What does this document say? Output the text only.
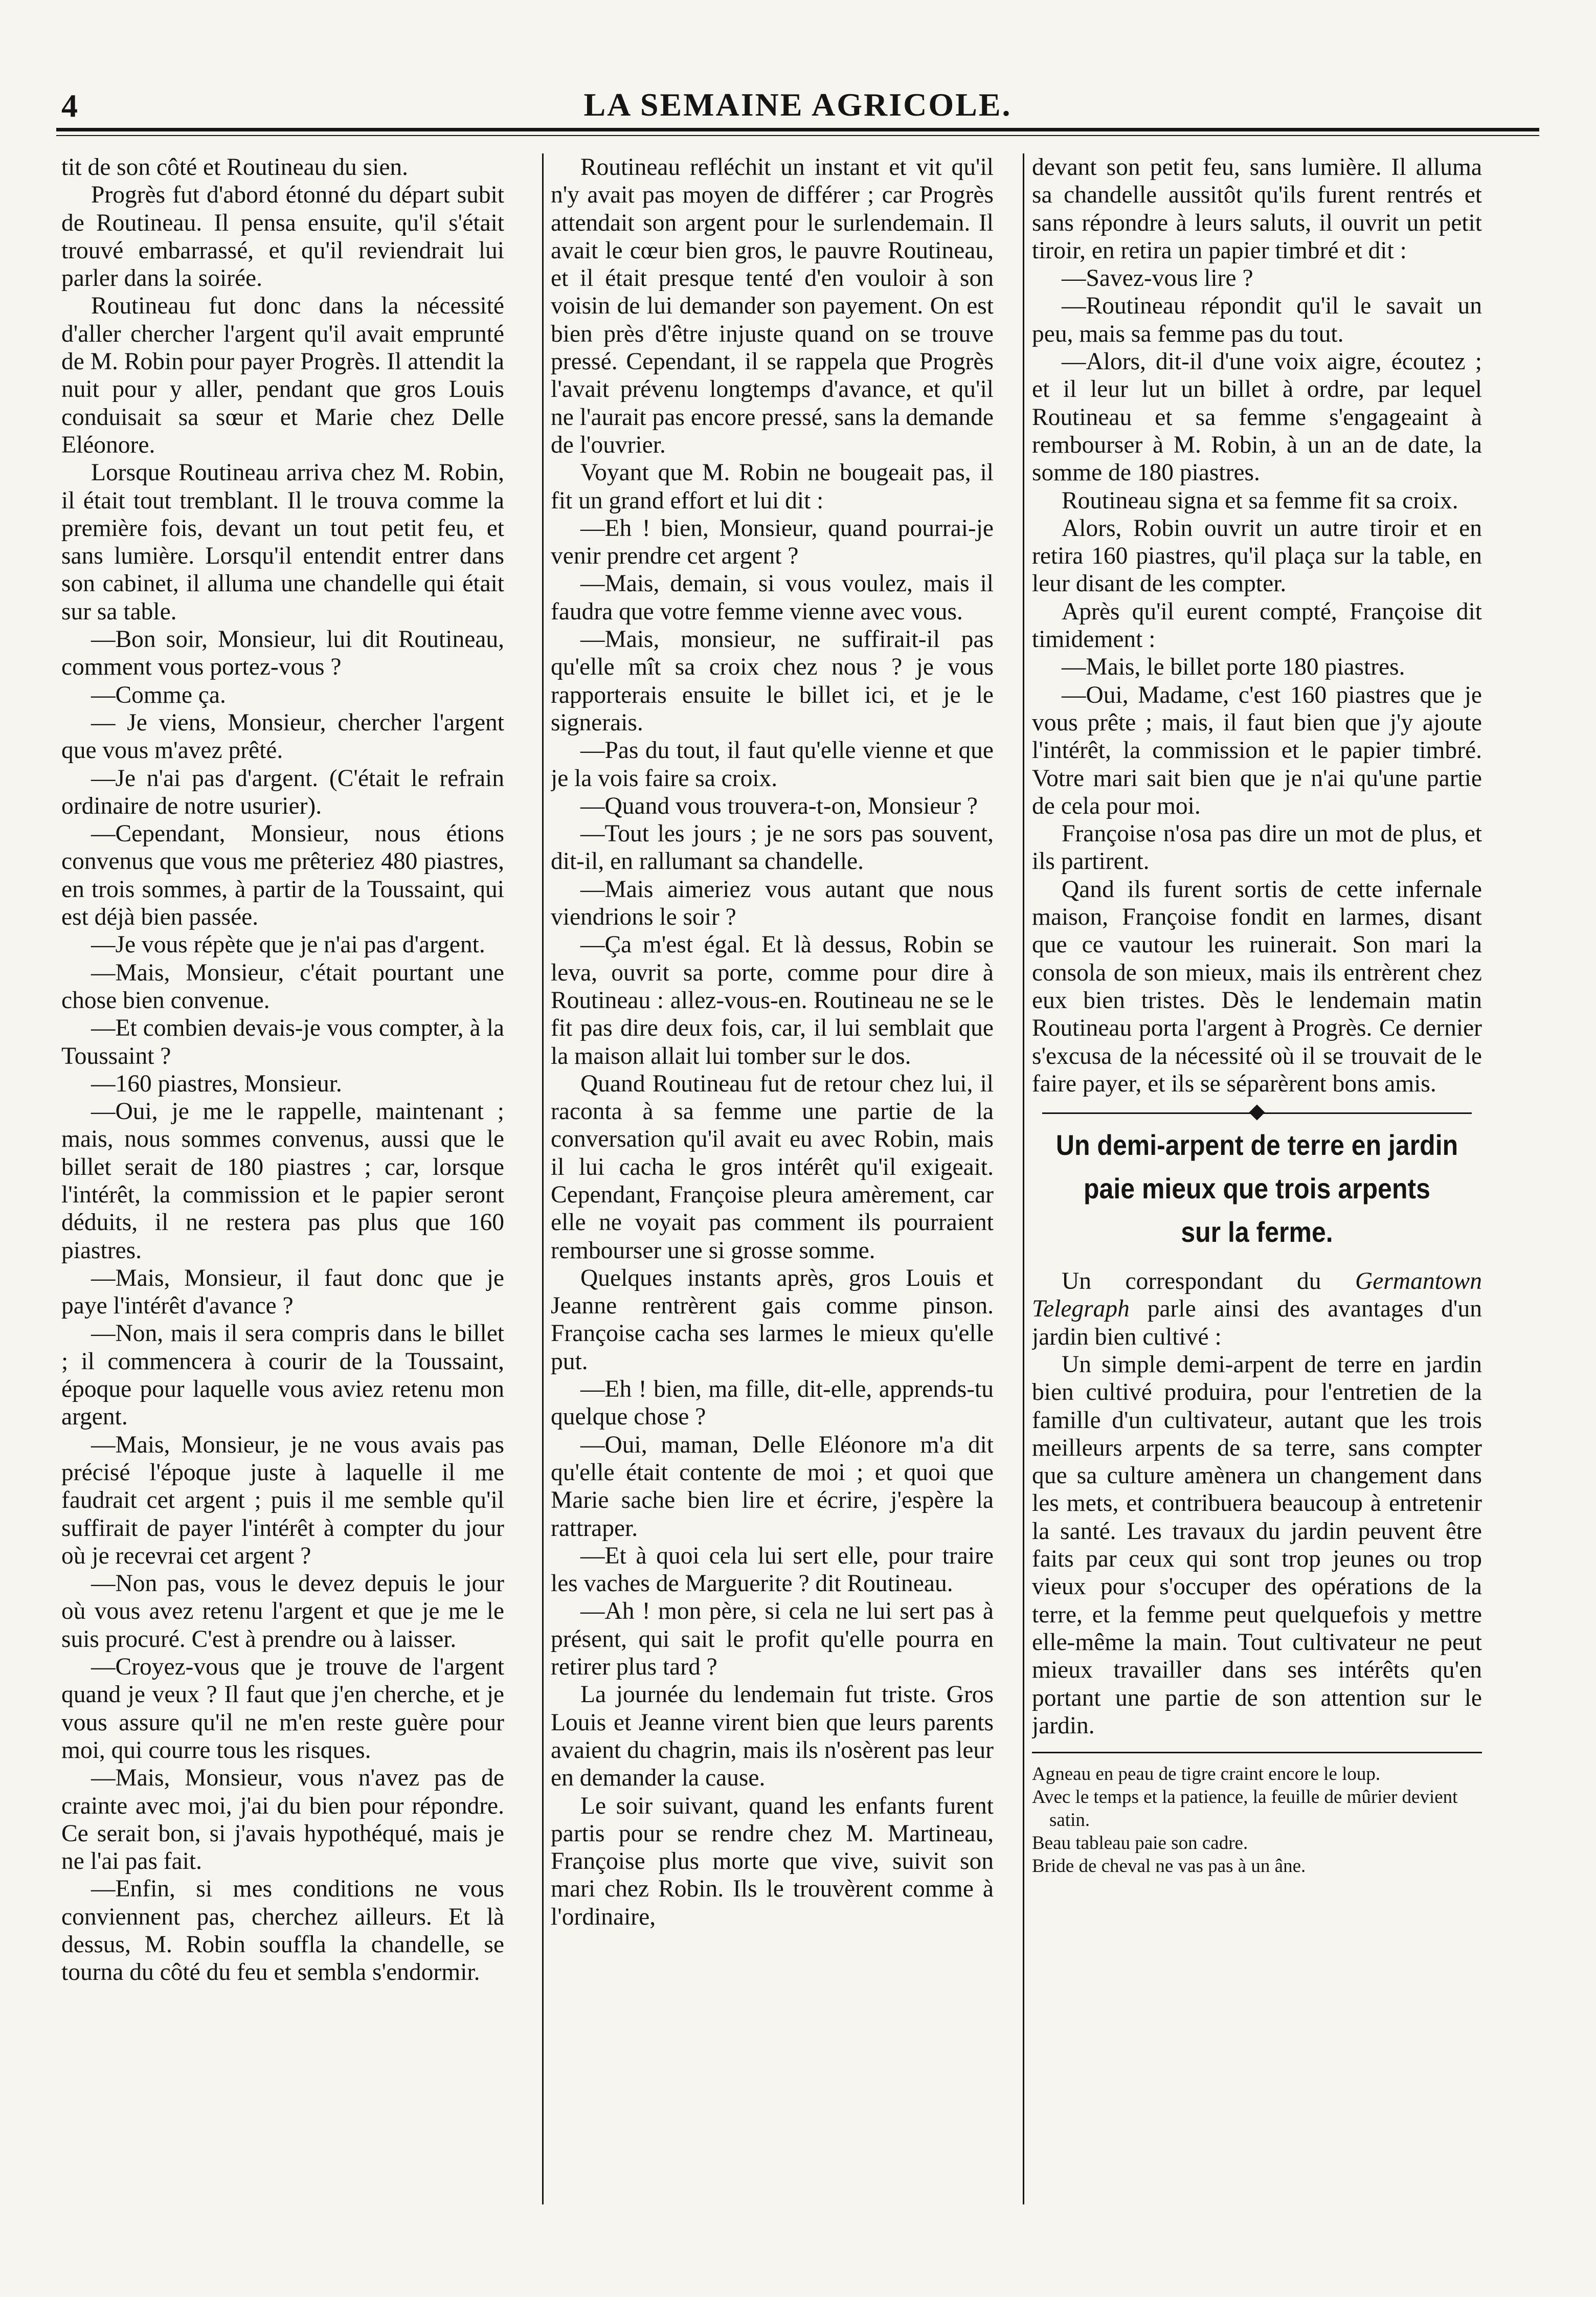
4	LA SEMAINE AGRICOLE.

tit de son côté et Routineau du sien.

Progrès fut d'abord étonné du départ subit de Routineau. Il pensa ensuite, qu'il s'était trouvé embarrassé, et qu'il reviendrait lui parler dans la soirée.

Routineau fut donc dans la nécessité d'aller chercher l'argent qu'il avait emprunté de M. Robin pour payer Progrès. Il attendit la nuit pour y aller, pendant que gros Louis conduisait sa sœur et Marie chez Delle Eléonore.

Lorsque Routineau arriva chez M. Robin, il était tout tremblant. Il le trouva comme la première fois, devant un tout petit feu, et sans lumière. Lorsqu'il entendit entrer dans son cabinet, il alluma une chandelle qui était sur sa table.

—Bon soir, Monsieur, lui dit Routineau, comment vous portez-vous ?

—Comme ça.

— Je viens, Monsieur, chercher l'argent que vous m'avez prêté.

—Je n'ai pas d'argent. (C'était le refrain ordinaire de notre usurier).

—Cependant, Monsieur, nous étions convenus que vous me prêteriez 480 piastres, en trois sommes, à partir de la Toussaint, qui est déjà bien passée.

—Je vous répète que je n'ai pas d'argent.

—Mais, Monsieur, c'était pourtant une chose bien convenue.

—Et combien devais-je vous compter, à la Toussaint ?

—160 piastres, Monsieur.

—Oui, je me le rappelle, maintenant ; mais, nous sommes convenus, aussi que le billet serait de 180 piastres ; car, lorsque l'intérêt, la commission et le papier seront déduits, il ne restera pas plus que 160 piastres.

—Mais, Monsieur, il faut donc que je paye l'intérêt d'avance ?

—Non, mais il sera compris dans le billet ; il commencera à courir de la Toussaint, époque pour laquelle vous aviez retenu mon argent.

—Mais, Monsieur, je ne vous avais pas précisé l'époque juste à laquelle il me faudrait cet argent ; puis il me semble qu'il suffirait de payer l'intérêt à compter du jour où je recevrai cet argent ?

—Non pas, vous le devez depuis le jour où vous avez retenu l'argent et que je me le suis procuré. C'est à prendre ou à laisser.

—Croyez-vous que je trouve de l'argent quand je veux ? Il faut que j'en cherche, et je vous assure qu'il ne m'en reste guère pour moi, qui courre tous les risques.

—Mais, Monsieur, vous n'avez pas de crainte avec moi, j'ai du bien pour répondre. Ce serait bon, si j'avais hypothéqué, mais je ne l'ai pas fait.

—Enfin, si mes conditions ne vous conviennent pas, cherchez ailleurs. Et là dessus, M. Robin souffla la chandelle, se tourna du côté du feu et sembla s'endormir.

Routineau refléchit un instant et vit qu'il n'y avait pas moyen de différer ; car Progrès attendait son argent pour le surlendemain. Il avait le cœur bien gros, le pauvre Routineau, et il était presque tenté d'en vouloir à son voisin de lui demander son payement. On est bien près d'être injuste quand on se trouve pressé. Cependant, il se rappela que Progrès l'avait prévenu longtemps d'avance, et qu'il ne l'aurait pas encore pressé, sans la demande de l'ouvrier.

Voyant que M. Robin ne bougeait pas, il fit un grand effort et lui dit :

—Eh ! bien, Monsieur, quand pourrai-je venir prendre cet argent ?

—Mais, demain, si vous voulez, mais il faudra que votre femme vienne avec vous.

—Mais, monsieur, ne suffirait-il pas qu'elle mît sa croix chez nous ? je vous rapporterais ensuite le billet ici, et je le signerais.

—Pas du tout, il faut qu'elle vienne et que je la vois faire sa croix.

—Quand vous trouvera-t-on, Monsieur ?

—Tout les jours ; je ne sors pas souvent, dit-il, en rallumant sa chandelle.

—Mais aimeriez vous autant que nous viendrions le soir ?

—Ça m'est égal. Et là dessus, Robin se leva, ouvrit sa porte, comme pour dire à Routineau : allez-vous-en. Routineau ne se le fit pas dire deux fois, car, il lui semblait que la maison allait lui tomber sur le dos.

Quand Routineau fut de retour chez lui, il raconta à sa femme une partie de la conversation qu'il avait eu avec Robin, mais il lui cacha le gros intérêt qu'il exigeait. Cependant, Françoise pleura amèrement, car elle ne voyait pas comment ils pourraient rembourser une si grosse somme.

Quelques instants après, gros Louis et Jeanne rentrèrent gais comme pinson. Françoise cacha ses larmes le mieux qu'elle put.

—Eh ! bien, ma fille, dit-elle, apprends-tu quelque chose ?

—Oui, maman, Delle Eléonore m'a dit qu'elle était contente de moi ; et quoi que Marie sache bien lire et écrire, j'espère la rattraper.

—Et à quoi cela lui sert elle, pour traire les vaches de Marguerite ? dit Routineau.

—Ah ! mon père, si cela ne lui sert pas à présent, qui sait le profit qu'elle pourra en retirer plus tard ?

La journée du lendemain fut triste. Gros Louis et Jeanne virent bien que leurs parents avaient du chagrin, mais ils n'osèrent pas leur en demander la cause.

Le soir suivant, quand les enfants furent partis pour se rendre chez M. Martineau, Françoise plus morte que vive, suivit son mari chez Robin. Ils le trouvèrent comme à l'ordinaire,

devant son petit feu, sans lumière. Il alluma sa chandelle aussitôt qu'ils furent rentrés et sans répondre à leurs saluts, il ouvrit un petit tiroir, en retira un papier timbré et dit :

—Savez-vous lire ?

—Routineau répondit qu'il le savait un peu, mais sa femme pas du tout.

—Alors, dit-il d'une voix aigre, écoutez ; et il leur lut un billet à ordre, par lequel Routineau et sa femme s'engageaint à rembourser à M. Robin, à un an de date, la somme de 180 piastres.

Routineau signa et sa femme fit sa croix.

Alors, Robin ouvrit un autre tiroir et en retira 160 piastres, qu'il plaça sur la table, en leur disant de les compter.

Après qu'il eurent compté, Françoise dit timidement :

—Mais, le billet porte 180 piastres.

—Oui, Madame, c'est 160 piastres que je vous prête ; mais, il faut bien que j'y ajoute l'intérêt, la commission et le papier timbré. Votre mari sait bien que je n'ai qu'une partie de cela pour moi.

Françoise n'osa pas dire un mot de plus, et ils partirent.

Qand ils furent sortis de cette infernale maison, Françoise fondit en larmes, disant que ce vautour les ruinerait. Son mari la consola de son mieux, mais ils entrèrent chez eux bien tristes. Dès le lendemain matin Routineau porta l'argent à Progrès. Ce dernier s'excusa de la nécessité où il se trouvait de le faire payer, et ils se séparèrent bons amis.

Un demi-arpent de terre en jardin
paie mieux que trois arpents
sur la ferme.

Un correspondant du Germantown Telegraph parle ainsi des avantages d'un jardin bien cultivé :

Un simple demi-arpent de terre en jardin bien cultivé produira, pour l'entretien de la famille d'un cultivateur, autant que les trois meilleurs arpents de sa terre, sans compter que sa culture amènera un changement dans les mets, et contribuera beaucoup à entretenir la santé. Les travaux du jardin peuvent être faits par ceux qui sont trop jeunes ou trop vieux pour s'occuper des opérations de la terre, et la femme peut quelquefois y mettre elle-même la main. Tout cultivateur ne peut mieux travailler dans ses intérêts qu'en portant une partie de son attention sur le jardin.

Agneau en peau de tigre craint encore le loup.
Avec le temps et la patience, la feuille de mûrier devient satin.
Beau tableau paie son cadre.
Bride de cheval ne vas pas à un âne.
